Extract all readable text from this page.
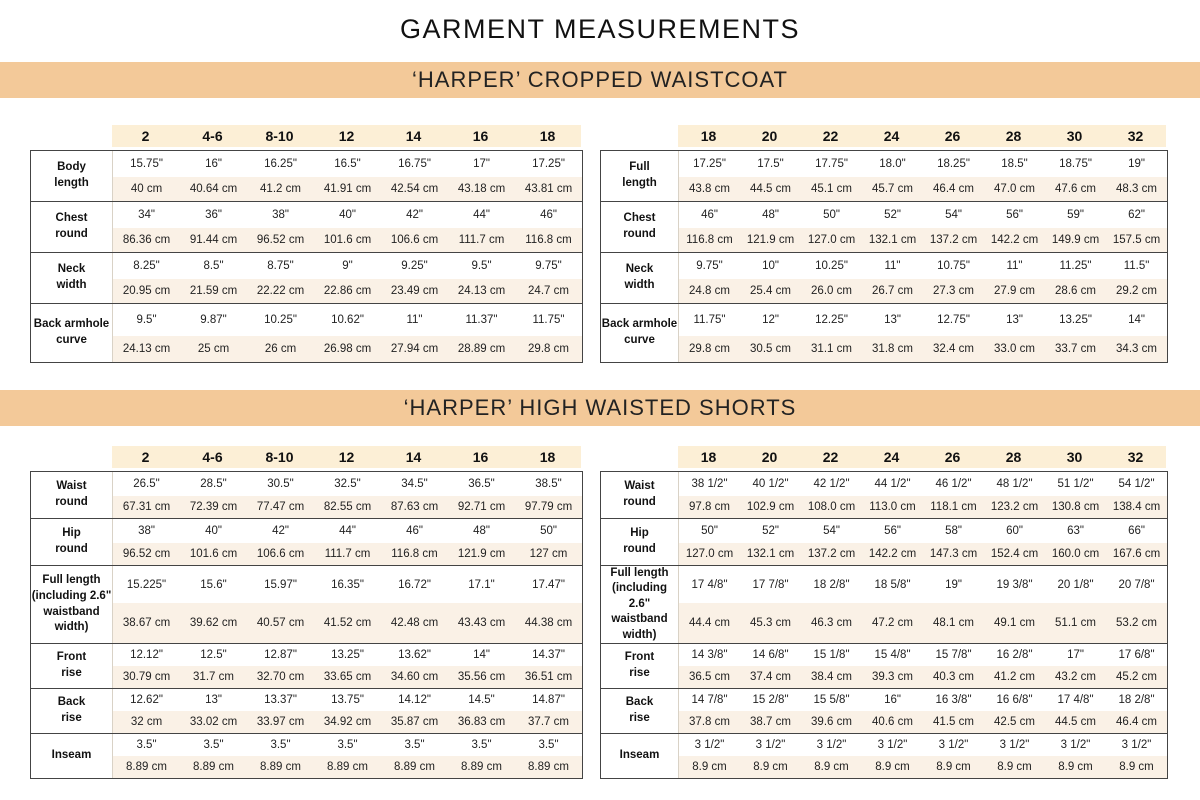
GARMENT MEASUREMENTS
‘HARPER’ CROPPED WAISTCOAT
‘HARPER’ HIGH WAISTED SHORTS
2	4-6	8-10	12	14	16	18
Body
length
15.75"	16"	16.25"	16.5"	16.75"	17"	17.25"
40 cm	40.64 cm	41.2 cm	41.91 cm	42.54 cm	43.18 cm	43.81 cm
Chest
round
34"	36"	38"	40"	42"	44"	46"
86.36 cm	91.44 cm	96.52 cm	101.6 cm	106.6 cm	111.7 cm	116.8 cm
Neck
width
8.25"	8.5"	8.75"	9"	9.25"	9.5"	9.75"
20.95 cm	21.59 cm	22.22 cm	22.86 cm	23.49 cm	24.13 cm	24.7 cm
Back armhole
curve
9.5"	9.87"	10.25"	10.62"	11"	11.37"	11.75"
24.13 cm	25 cm	26 cm	26.98 cm	27.94 cm	28.89 cm	29.8 cm
18	20	22	24	26	28	30	32
Full
length
17.25"	17.5"	17.75"	18.0"	18.25"	18.5"	18.75"	19"
43.8 cm	44.5 cm	45.1 cm	45.7 cm	46.4 cm	47.0 cm	47.6 cm	48.3 cm
Chest
round
46"	48"	50"	52"	54"	56"	59"	62"
116.8 cm	121.9 cm	127.0 cm	132.1 cm	137.2 cm	142.2 cm	149.9 cm	157.5 cm
Neck
width
9.75"	10"	10.25"	11"	10.75"	11"	11.25"	11.5"
24.8 cm	25.4 cm	26.0 cm	26.7 cm	27.3 cm	27.9 cm	28.6 cm	29.2 cm
Back armhole
curve
11.75"	12"	12.25"	13"	12.75"	13"	13.25"	14"
29.8 cm	30.5 cm	31.1 cm	31.8 cm	32.4 cm	33.0 cm	33.7 cm	34.3 cm
2	4-6	8-10	12	14	16	18
Waist
round
26.5"	28.5"	30.5"	32.5"	34.5"	36.5"	38.5"
67.31 cm	72.39 cm	77.47 cm	82.55 cm	87.63 cm	92.71 cm	97.79 cm
Hip
round
38"	40"	42"	44"	46"	48"	50"
96.52 cm	101.6 cm	106.6 cm	111.7 cm	116.8 cm	121.9 cm	127 cm
Full length
(including 2.6"
waistband
width)
15.225"	15.6"	15.97"	16.35"	16.72"	17.1"	17.47"
38.67 cm	39.62 cm	40.57 cm	41.52 cm	42.48 cm	43.43 cm	44.38 cm
Front
rise
12.12"	12.5"	12.87"	13.25"	13.62"	14"	14.37"
30.79 cm	31.7 cm	32.70 cm	33.65 cm	34.60 cm	35.56 cm	36.51 cm
Back
rise
12.62"	13"	13.37"	13.75"	14.12"	14.5"	14.87"
32 cm	33.02 cm	33.97 cm	34.92 cm	35.87 cm	36.83 cm	37.7 cm
Inseam
3.5"	3.5"	3.5"	3.5"	3.5"	3.5"	3.5"
8.89 cm	8.89 cm	8.89 cm	8.89 cm	8.89 cm	8.89 cm	8.89 cm
18	20	22	24	26	28	30	32
Waist
round
38 1/2"	40 1/2"	42 1/2"	44 1/2"	46 1/2"	48 1/2"	51 1/2"	54 1/2"
97.8 cm	102.9 cm	108.0 cm	113.0 cm	118.1 cm	123.2 cm	130.8 cm	138.4 cm
Hip
round
50"	52"	54"	56"	58"	60"	63"	66"
127.0 cm	132.1 cm	137.2 cm	142.2 cm	147.3 cm	152.4 cm	160.0 cm	167.6 cm
Full length
(including 2.6"
waistband
width)
17 4/8"	17 7/8"	18 2/8"	18 5/8"	19"	19 3/8"	20 1/8"	20 7/8"
44.4 cm	45.3 cm	46.3 cm	47.2 cm	48.1 cm	49.1 cm	51.1 cm	53.2 cm
Front
rise
14 3/8"	14 6/8"	15 1/8"	15 4/8"	15 7/8"	16 2/8"	17"	17 6/8"
36.5 cm	37.4 cm	38.4 cm	39.3 cm	40.3 cm	41.2 cm	43.2 cm	45.2 cm
Back
rise
14 7/8"	15 2/8"	15 5/8"	16"	16 3/8"	16 6/8"	17 4/8"	18 2/8"
37.8 cm	38.7 cm	39.6 cm	40.6 cm	41.5 cm	42.5 cm	44.5 cm	46.4 cm
Inseam
3 1/2"	3 1/2"	3 1/2"	3 1/2"	3 1/2"	3 1/2"	3 1/2"	3 1/2"
8.9 cm	8.9 cm	8.9 cm	8.9 cm	8.9 cm	8.9 cm	8.9 cm	8.9 cm
